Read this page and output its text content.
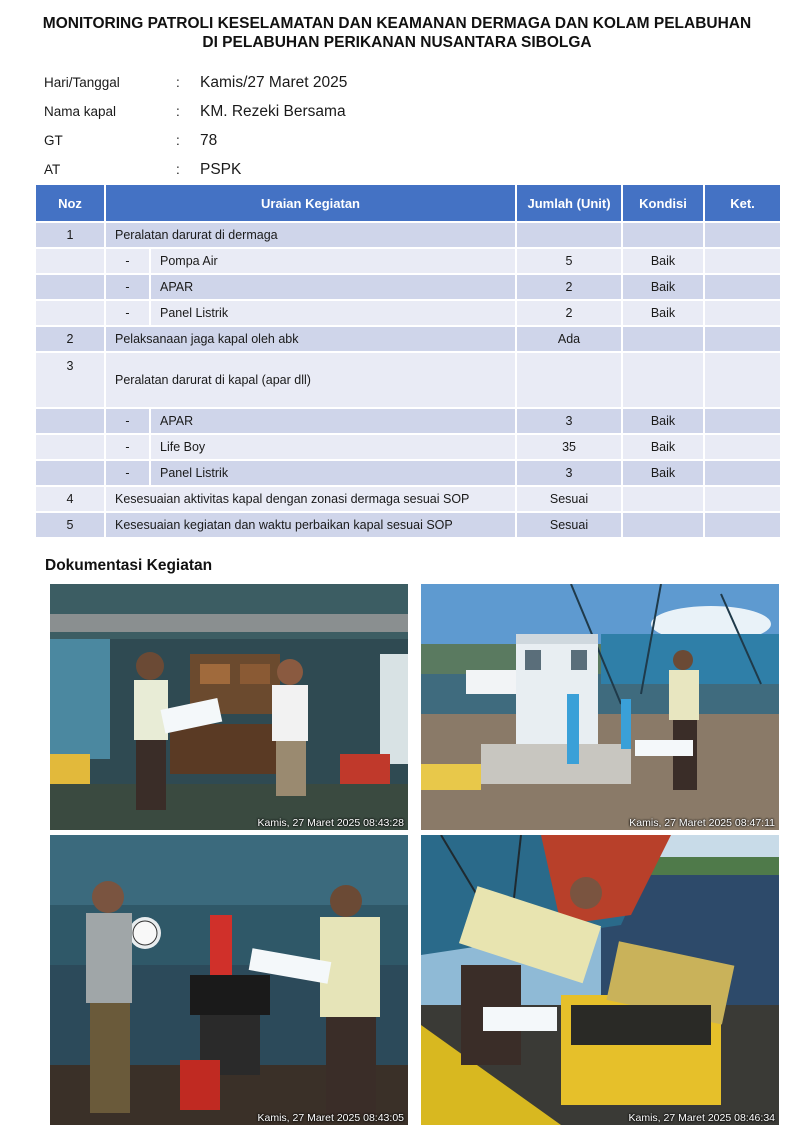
MONITORING PATROLI KESELAMATAN DAN KEAMANAN DERMAGA DAN KOLAM PELABUHAN
DI PELABUHAN PERIKANAN NUSANTARA SIBOLGA
Hari/Tanggal	:	Kamis/27 Maret 2025
Nama kapal	:	KM. Rezeki Bersama
GT	:	78
AT	:	PSPK
Noz	Uraian Kegiatan		Jumlah (Unit)	Kondisi	Ket.
1	Peralatan darurat di dermaga				
	-	Pompa Air	5	Baik	
	-	APAR	2	Baik	
	-	Panel Listrik	2	Baik	
2	Pelaksanaan jaga kapal oleh abk		Ada		
3	Peralatan darurat di kapal (apar dll)				
	-	APAR	3	Baik	
	-	Life Boy	35	Baik	
	-	Panel Listrik	3	Baik	
4	Kesesuaian aktivitas kapal dengan zonasi dermaga sesuai SOP		Sesuai		
5	Kesesuaian kegiatan dan waktu perbaikan kapal sesuai SOP		Sesuai		
Dokumentasi Kegiatan
Kamis, 27 Maret 2025 08:43:28	Kamis, 27 Maret 2025 08:47:11
Kamis, 27 Maret 2025 08:43:05	Kamis, 27 Maret 2025 08:46:34
